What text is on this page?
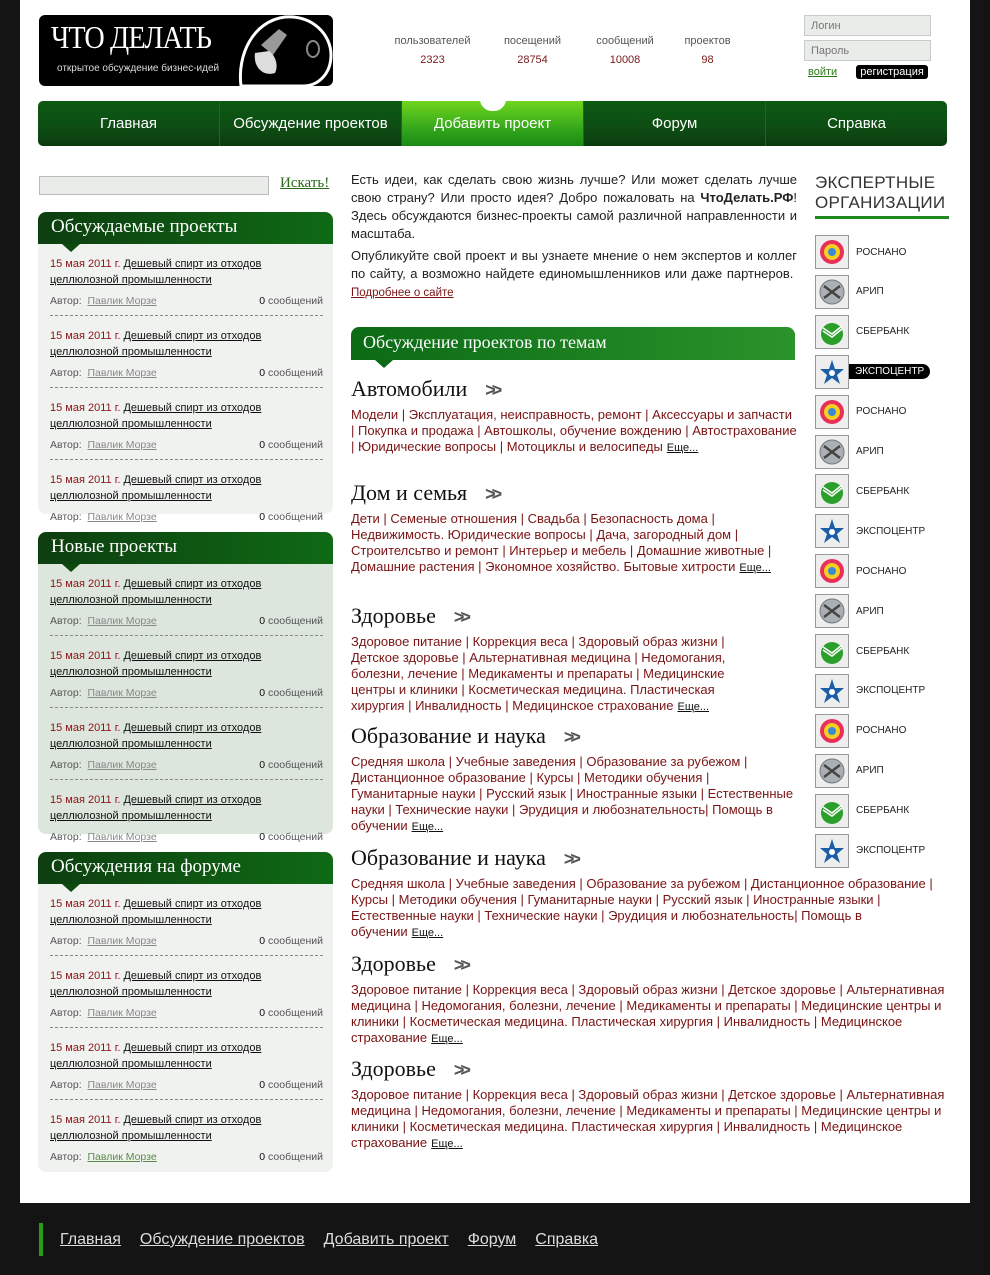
ЧТО ДЕЛАТЬ
открытое обсуждение бизнес-идей
пользователей
2323
посещений
28754
сообщений
10008
проектов
98
Логин
Пароль
войти регистрация
Главная	Обсуждение проектов	Добавить проект	Форум	Справка
Искать!
Обсуждаемые проекты
15 мая 2011 г. Дешевый спирт из отходов целлюлозной промышленности
Автор: Павлик Морзе	0 сообщений
15 мая 2011 г. Дешевый спирт из отходов целлюлозной промышленности
Автор: Павлик Морзе	0 сообщений
15 мая 2011 г. Дешевый спирт из отходов целлюлозной промышленности
Автор: Павлик Морзе	0 сообщений
15 мая 2011 г. Дешевый спирт из отходов целлюлозной промышленности
Автор: Павлик Морзе	0 сообщений
Новые проекты
15 мая 2011 г. Дешевый спирт из отходов целлюлозной промышленности
Автор: Павлик Морзе	0 сообщений
15 мая 2011 г. Дешевый спирт из отходов целлюлозной промышленности
Автор: Павлик Морзе	0 сообщений
15 мая 2011 г. Дешевый спирт из отходов целлюлозной промышленности
Автор: Павлик Морзе	0 сообщений
15 мая 2011 г. Дешевый спирт из отходов целлюлозной промышленности
Автор: Павлик Морзе	0 сообщений
Обсуждения на форуме
15 мая 2011 г. Дешевый спирт из отходов целлюлозной промышленности
Автор: Павлик Морзе	0 сообщений
15 мая 2011 г. Дешевый спирт из отходов целлюлозной промышленности
Автор: Павлик Морзе	0 сообщений
15 мая 2011 г. Дешевый спирт из отходов целлюлозной промышленности
Автор: Павлик Морзе	0 сообщений
15 мая 2011 г. Дешевый спирт из отходов целлюлозной промышленности
Автор: Павлик Морзе	0 сообщений

Есть идеи, как сделать свою жизнь лучше? Или может сделать лучше свою страну? Или просто идея? Добро пожаловать на ЧтоДелать.РФ! Здесь обсуждаются бизнес-проекты самой различной направленности и масштаба.

Опубликуйте свой проект и вы узнаете мнение о нем экспертов и коллег по сайту, а возможно найдете единомышленников или даже партнеров.  Подробнее о сайте

Обсуждение проектов по темам
Автомобили >>
Модели | Эксплуатация, неисправность, ремонт | Аксессуары и запчасти | Покупка и продажа | Автошколы, обучение вождению | Автострахование | Юридические вопросы | Мотоциклы и велосипеды Еще...
Дом и семья >>
Дети | Семеные отношения | Свадьба | Безопасность дома | Недвижимость. Юридические вопросы | Дача, загородный дом | Строителсьтво и ремонт | Интерьер и мебель | Домашние животные | Домашние растения | Экономное хозяйство. Бытовые хитрости Еще...
Здоровье >>
Здоровое питание | Коррекция веса | Здоровый образ жизни | Детское здоровье | Альтернативная медицина | Недомогания, болезни, лечение | Медикаменты и препараты | Медицинские центры и клиники | Косметическая медицина. Пластическая хирургия | Инвалидность | Медицинское страхование Еще...
Образование и наука >>
Средняя школа | Учебные заведения | Образование за рубежом | Дистанционное образование | Курсы | Методики обучения | Гуманитарные науки | Русский язык | Иностранные языки | Естественные науки | Технические науки | Эрудиция и любознательность| Помощь в обучении Еще...
Образование и наука >>
Средняя школа | Учебные заведения | Образование за рубежом | Дистанционное образование | Курсы | Методики обучения | Гуманитарные науки | Русский язык | Иностранные языки | Естественные науки | Технические науки | Эрудиция и любознательность| Помощь в обучении Еще...
Здоровье >>
Здоровое питание | Коррекция веса | Здоровый образ жизни | Детское здоровье | Альтернативная медицина | Недомогания, болезни, лечение | Медикаменты и препараты | Медицинские центры и клиники | Косметическая медицина. Пластическая хирургия | Инвалидность | Медицинское страхование Еще...
Здоровье >>
Здоровое питание | Коррекция веса | Здоровый образ жизни | Детское здоровье | Альтернативная медицина | Недомогания, болезни, лечение | Медикаменты и препараты | Медицинские центры и клиники | Косметическая медицина. Пластическая хирургия | Инвалидность | Медицинское страхование Еще...
ЭКСПЕРТНЫЕ
ОРГАНИЗАЦИИ
РОСНАНО
АРИП
СБЕРБАНК
ЭКСПОЦЕНТР
РОСНАНО
АРИП
СБЕРБАНК
ЭКСПОЦЕНТР
РОСНАНО
АРИП
СБЕРБАНК
ЭКСПОЦЕНТР
РОСНАНО
АРИП
СБЕРБАНК
ЭКСПОЦЕНТР
Главная Обсуждение проектов Добавить проект Форум Справка
